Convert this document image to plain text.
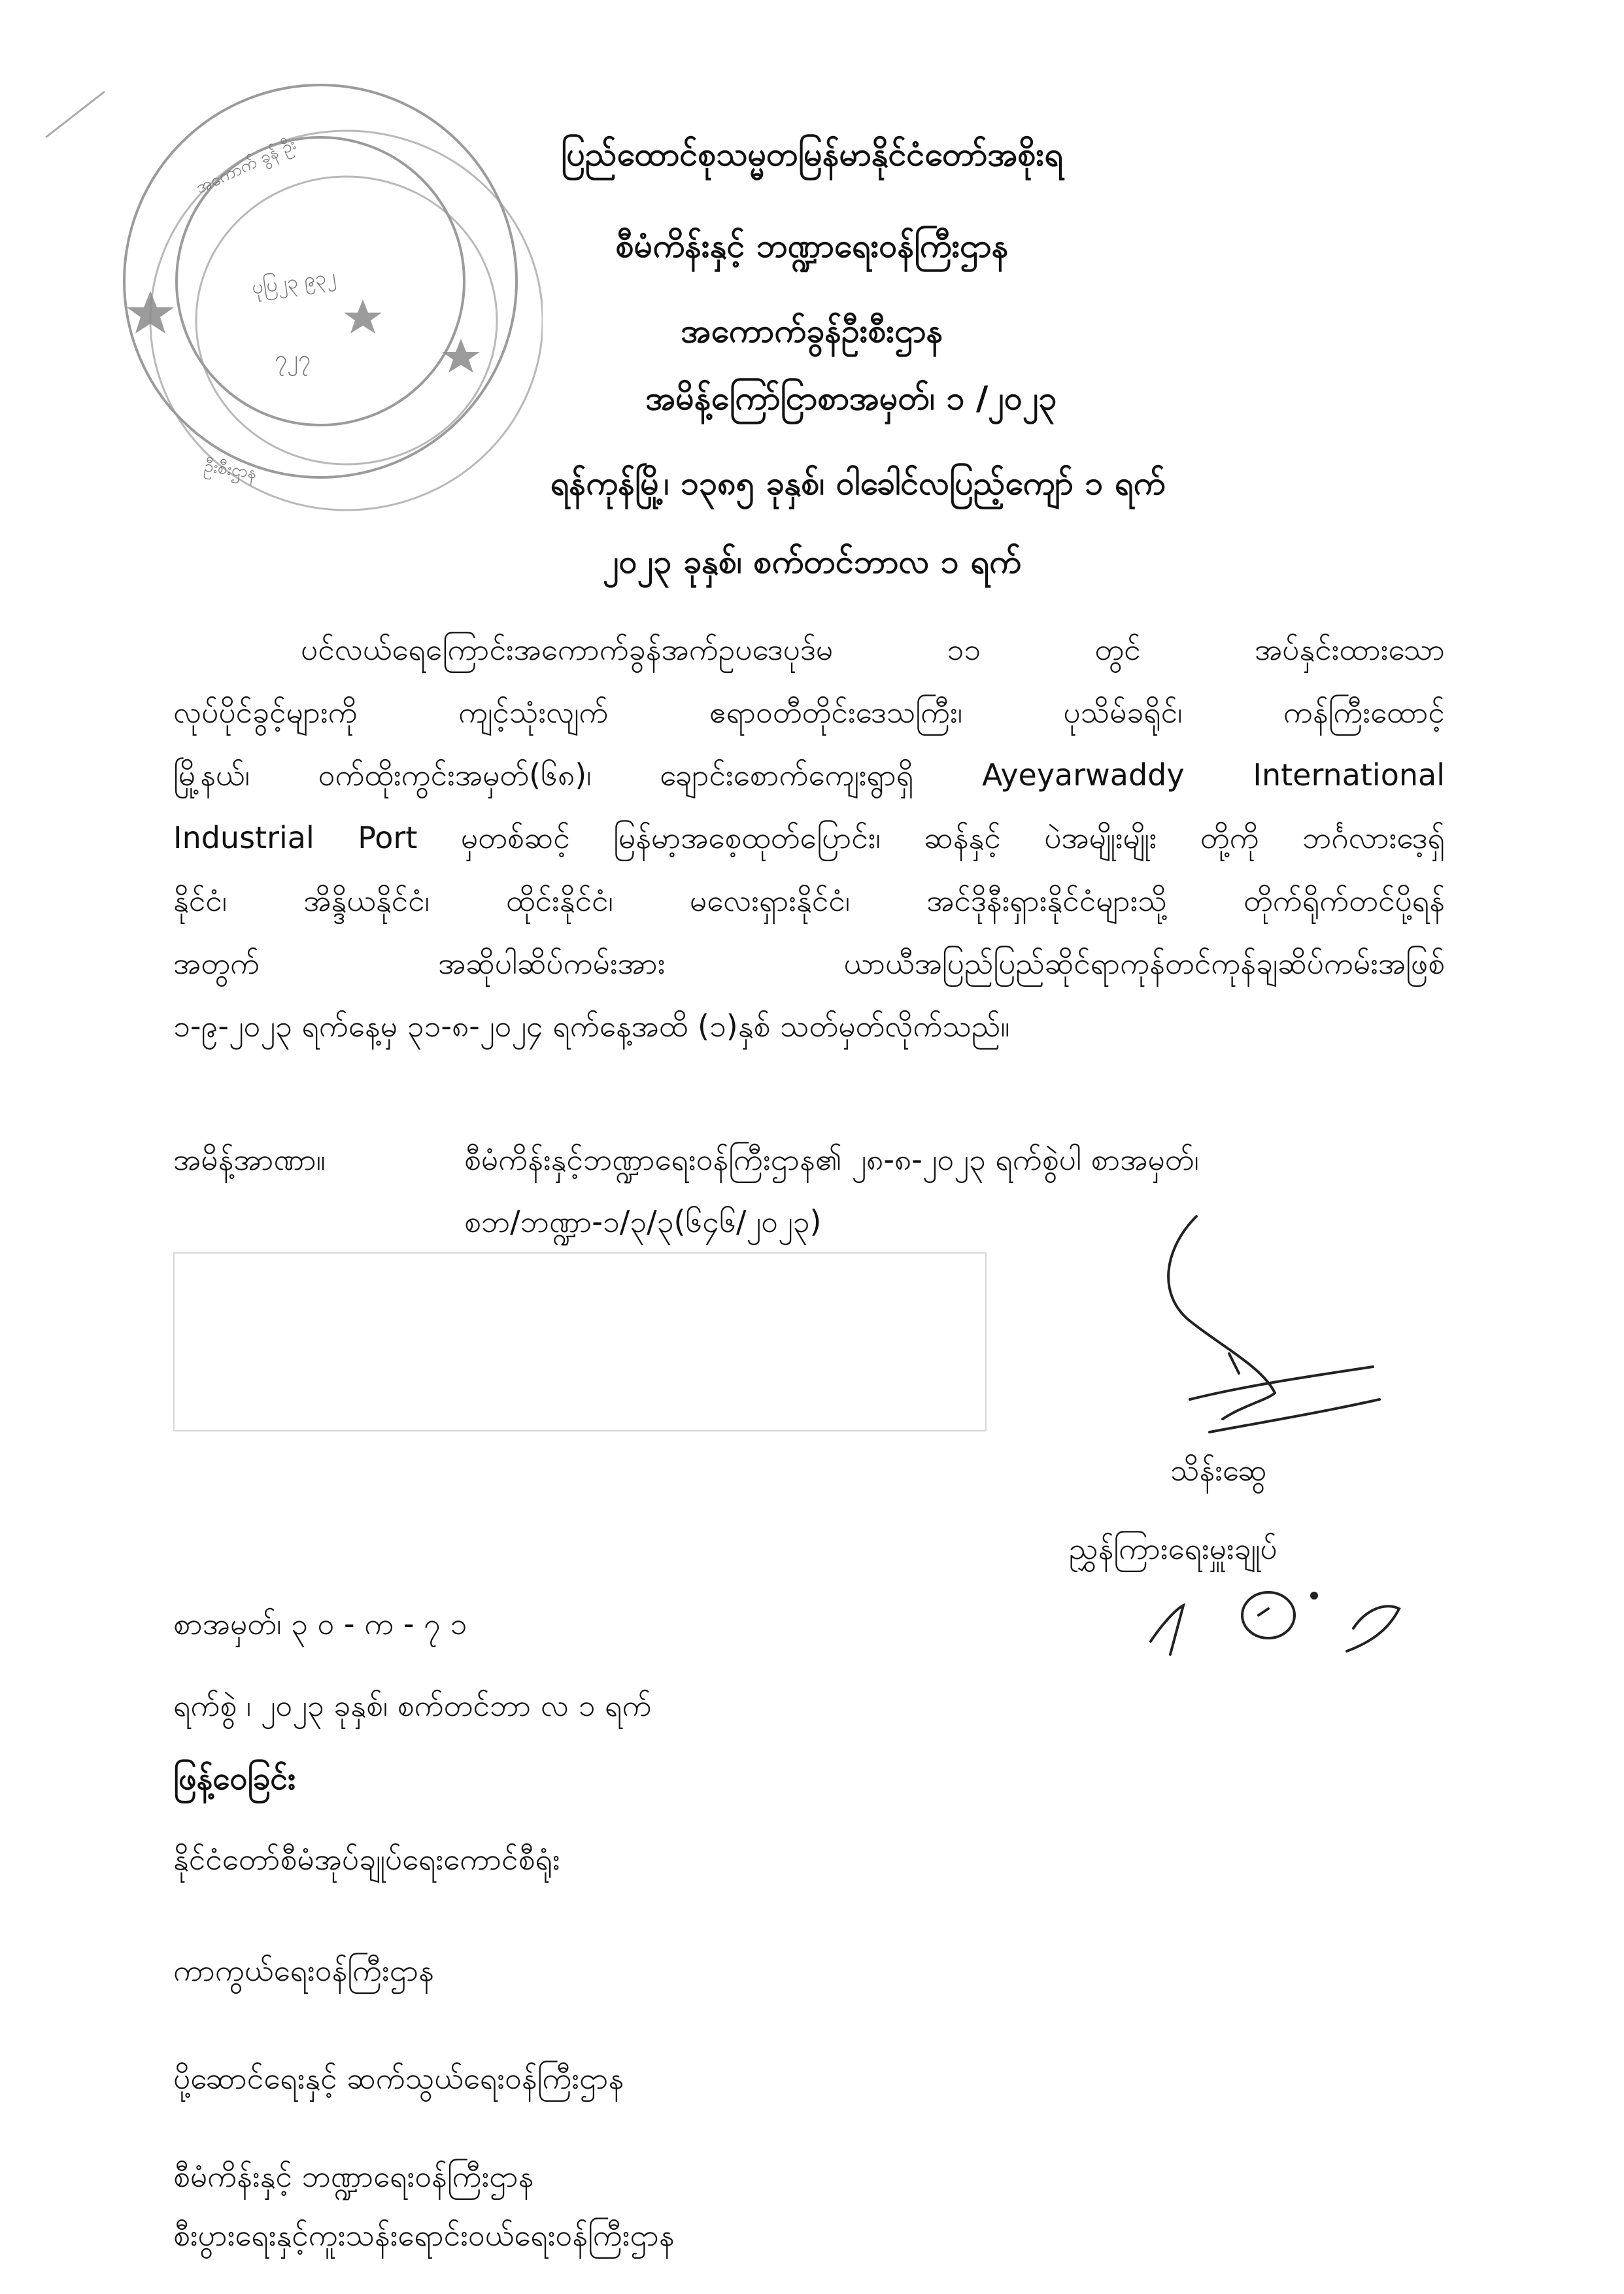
ပုပြ၂၃ ၉၃၂
၇၂၇
အကောက် ခွန် ဦး
ဦးစီးဌာန
ပြည်ထောင်စုသမ္မတမြန်မာနိုင်ငံတော်အစိုးရ
စီမံကိန်းနှင့် ဘဏ္ဍာရေးဝန်ကြီးဌာန
အကောက်ခွန်ဦးစီးဌာန
အမိန့်ကြော်ငြာစာအမှတ်၊ ၁ /၂၀၂၃
ရန်ကုန်မြို့၊ ၁၃၈၅ ခုနှစ်၊ ဝါခေါင်လပြည့်ကျော် ၁ ရက်
၂၀၂၃ ခုနှစ်၊ စက်တင်ဘာလ ၁ ရက်
ပင်လယ်ရေကြောင်းအကောက်ခွန်အက်ဥပဒေပုဒ်မ	၁၁	တွင်	အပ်နှင်းထားသော
လုပ်ပိုင်ခွင့်များကို	ကျင့်သုံးလျက်	ဧရာဝတီတိုင်းဒေသကြီး၊	ပုသိမ်ခရိုင်၊	ကန်ကြီးထောင့်
မြို့နယ်၊ ဝက်ထိုးကွင်းအမှတ်(၆၈)၊ ချောင်းစောက်ကျေးရွာရှိ Ayeyarwaddy International
Industrial Port မှတစ်ဆင့် မြန်မာ့အစေ့ထုတ်ပြောင်း၊ ဆန်နှင့် ပဲအမျိုးမျိုး တို့ကို ဘင်္ဂလားဒေ့ရှ်
နိုင်ငံ၊	အိန္ဒိယနိုင်ငံ၊	ထိုင်းနိုင်ငံ၊	မလေးရှားနိုင်ငံ၊	အင်ဒိုနီးရှားနိုင်ငံများသို့	တိုက်ရိုက်တင်ပို့ရန်
အတွက်	အဆိုပါဆိပ်ကမ်းအား	ယာယီအပြည်ပြည်ဆိုင်ရာကုန်တင်ကုန်ချဆိပ်ကမ်းအဖြစ်
၁-၉-၂၀၂၃ ရက်နေ့မှ ၃၁-၈-၂၀၂၄ ရက်နေ့အထိ (၁)နှစ် သတ်မှတ်လိုက်သည်။
အမိန့်အာဏာ။	စီမံကိန်းနှင့်ဘဏ္ဍာရေးဝန်ကြီးဌာန၏ ၂၈-၈-၂၀၂၃ ရက်စွဲပါ စာအမှတ်၊
စဘ/ဘဏ္ဍာ-၁/၃/၃(၆၄၆/၂၀၂၃)
သိန်းဆွေ
ညွှန်ကြားရေးမှူးချုပ်
စာအမှတ်၊ ၃ ၀ - က - ၇ ၁
ရက်စွဲ ၊ ၂၀၂၃ ခုနှစ်၊ စက်တင်ဘာ လ ၁ ရက်
ဖြန့်ဝေခြင်း
နိုင်ငံတော်စီမံအုပ်ချုပ်ရေးကောင်စီရုံး
ကာကွယ်ရေးဝန်ကြီးဌာန
ပို့ဆောင်ရေးနှင့် ဆက်သွယ်ရေးဝန်ကြီးဌာန
စီမံကိန်းနှင့် ဘဏ္ဍာရေးဝန်ကြီးဌာန
စီးပွားရေးနှင့်ကူးသန်းရောင်းဝယ်ရေးဝန်ကြီးဌာန
